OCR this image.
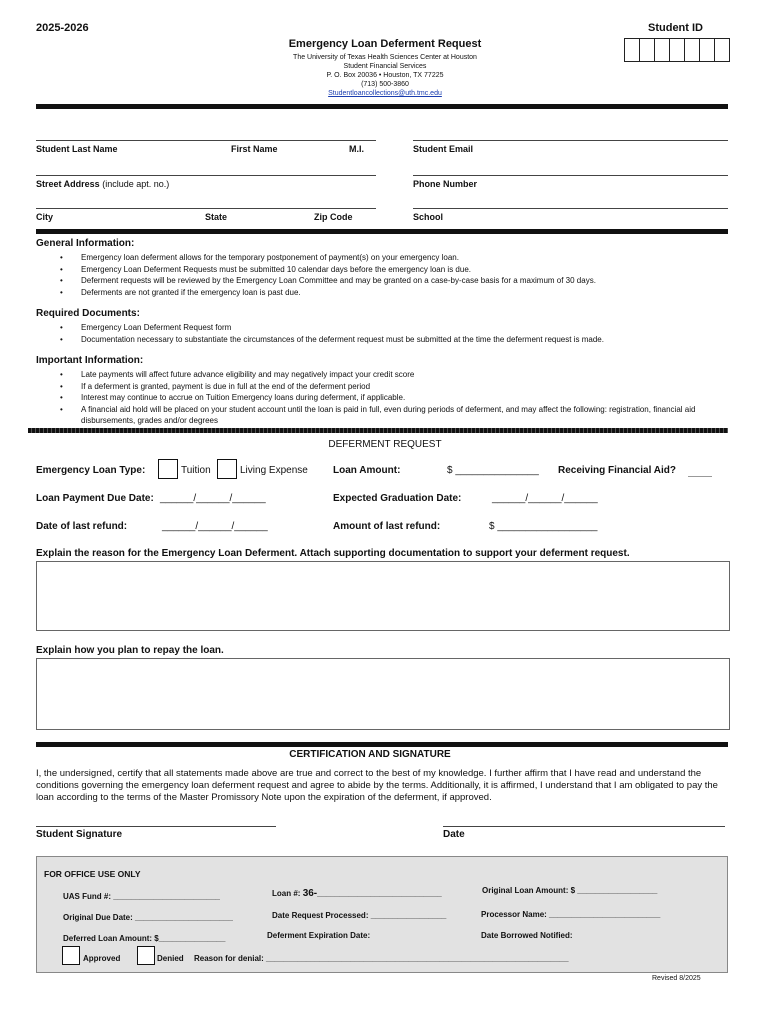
2025-2026	Student ID
Emergency Loan Deferment Request
The University of Texas Health Sciences Center at Houston
Student Financial Services
P. O. Box 20036 • Houston, TX 77225
(713) 500-3860
Studentloancollections@uth.tmc.edu
Student Last Name	First Name	M.I.	Student Email
Street Address (include apt. no.)	Phone Number
City	State	Zip Code	School
General Information:
• Emergency loan deferment allows for the temporary postponement of payment(s) on your emergency loan.
• Emergency Loan Deferment Requests must be submitted 10 calendar days before the emergency loan is due.
• Deferment requests will be reviewed by the Emergency Loan Committee and may be granted on a case-by-case basis for a maximum of 30 days.
• Deferments are not granted if the emergency loan is past due.
Required Documents:
• Emergency Loan Deferment Request form
• Documentation necessary to substantiate the circumstances of the deferment request must be submitted at the time the deferment request is made.
Important Information:
• Late payments will affect future advance eligibility and may negatively impact your credit score
• If a deferment is granted, payment is due in full at the end of the deferment period
• Interest may continue to accrue on Tuition Emergency loans during deferment, if applicable.
• A financial aid hold will be placed on your student account until the loan is paid in full, even during periods of deferment, and may affect the following: registration, financial aid disbursements, grades and/or degrees
DEFERMENT REQUEST
Emergency Loan Type:	Tuition	Living Expense	Loan Amount:	$ _______________ Receiving Financial Aid?
Loan Payment Due Date: ______/______/______	Expected Graduation Date:	______/______/______
Date of last refund:	______/______/______	Amount of last refund:	$ __________________
Explain the reason for the Emergency Loan Deferment. Attach supporting documentation to support your deferment request.
Explain how you plan to repay the loan.
CERTIFICATION AND SIGNATURE
I, the undersigned, certify that all statements made above are true and correct to the best of my knowledge. I further affirm that I have read and understand the conditions governing the emergency loan deferment request and agree to abide by the terms. Additionally, it is affirmed, I understand that I am obligated to pay the loan according to the terms of the Master Promissory Note upon the expiration of the deferment, if approved.
Student Signature	Date
FOR OFFICE USE ONLY
UAS Fund #: ________________________	Loan #: 36-____________________________	Original Loan Amount: $ __________________
Original Due Date: ______________________	Date Request Processed: _________________	Processor Name: _________________________
Deferred Loan Amount: $_______________	Deferment Expiration Date:	Date Borrowed Notified:
Approved	Denied Reason for denial: ____________________________________________________________________
Revised 8/2025
